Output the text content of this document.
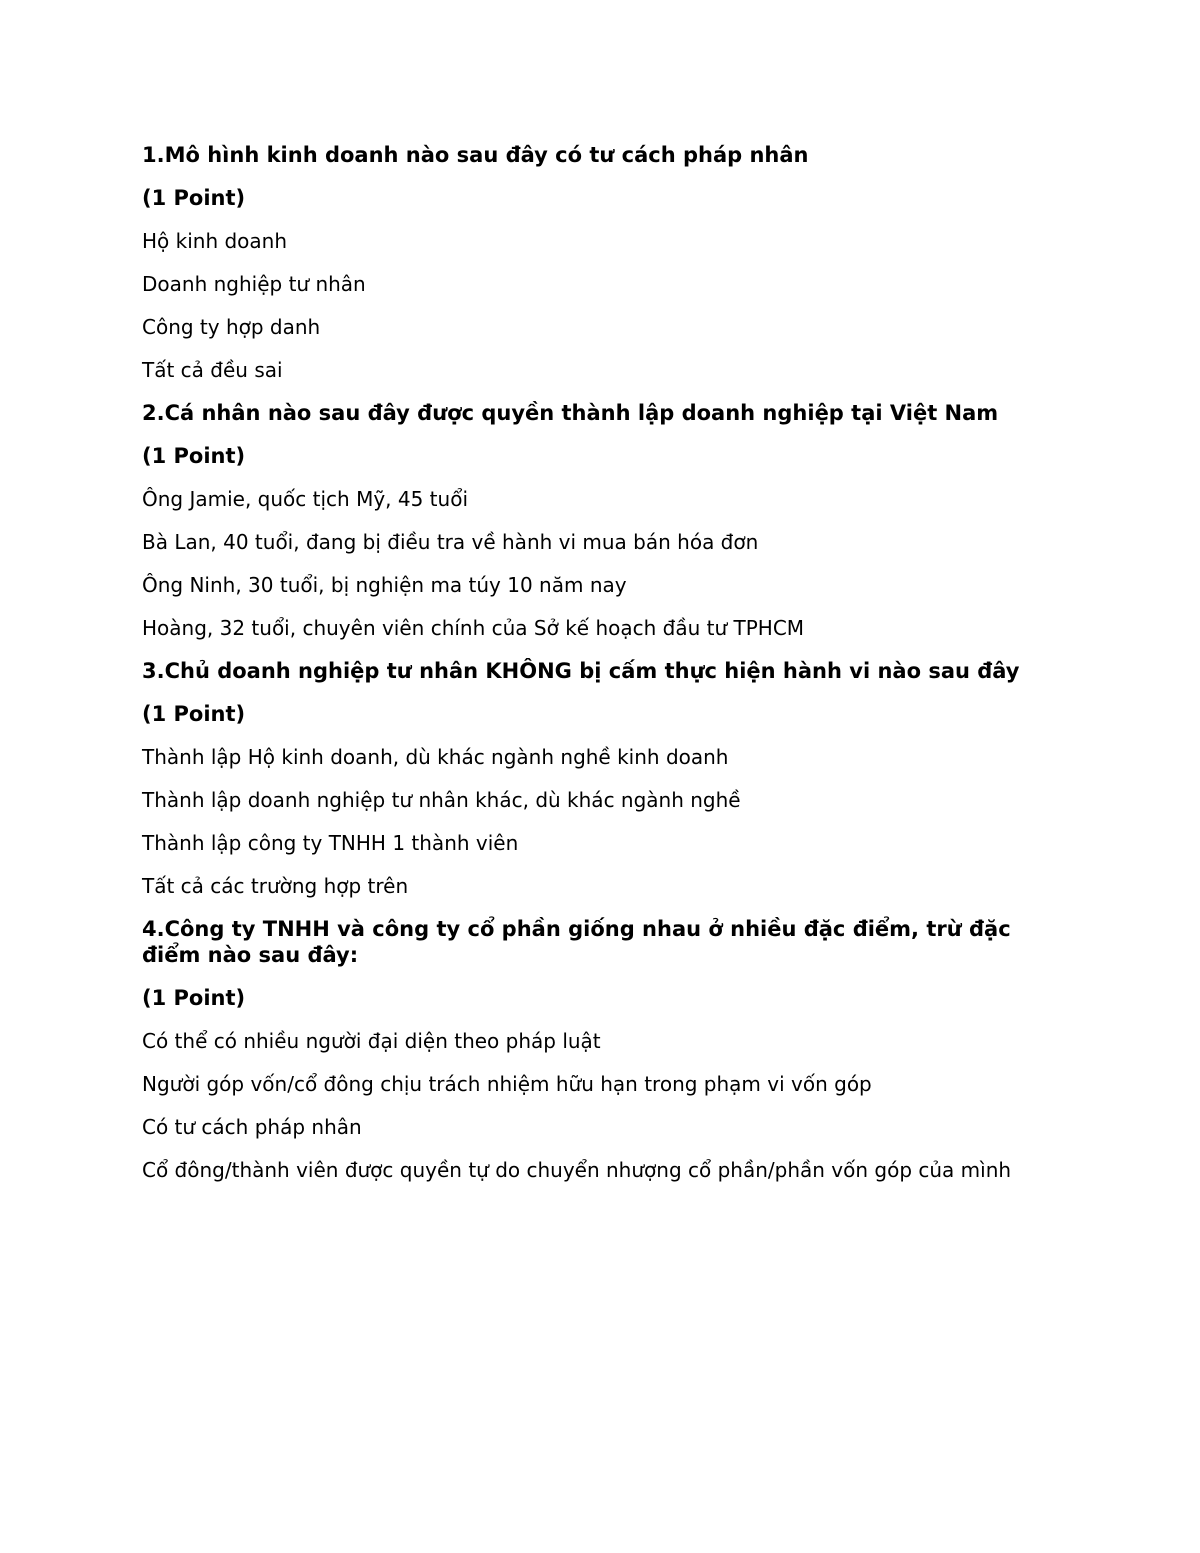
1.Mô hình kinh doanh nào sau đây có tư cách pháp nhân

(1 Point)

Hộ kinh doanh

Doanh nghiệp tư nhân

Công ty hợp danh

Tất cả đều sai

2.Cá nhân nào sau đây được quyền thành lập doanh nghiệp tại Việt Nam

(1 Point)

Ông Jamie, quốc tịch Mỹ, 45 tuổi

Bà Lan, 40 tuổi, đang bị điều tra về hành vi mua bán hóa đơn

Ông Ninh, 30 tuổi, bị nghiện ma túy 10 năm nay

Hoàng, 32 tuổi, chuyên viên chính của Sở kế hoạch đầu tư TPHCM

3.Chủ doanh nghiệp tư nhân KHÔNG bị cấm thực hiện hành vi nào sau đây

(1 Point)

Thành lập Hộ kinh doanh, dù khác ngành nghề kinh doanh

Thành lập doanh nghiệp tư nhân khác, dù khác ngành nghề

Thành lập công ty TNHH 1 thành viên

Tất cả các trường hợp trên

4.Công ty TNHH và công ty cổ phần giống nhau ở nhiều đặc điểm, trừ đặc điểm nào sau đây:

(1 Point)

Có thể có nhiều người đại diện theo pháp luật

Người góp vốn/cổ đông chịu trách nhiệm hữu hạn trong phạm vi vốn góp

Có tư cách pháp nhân

Cổ đông/thành viên được quyền tự do chuyển nhượng cổ phần/phần vốn góp của mình
